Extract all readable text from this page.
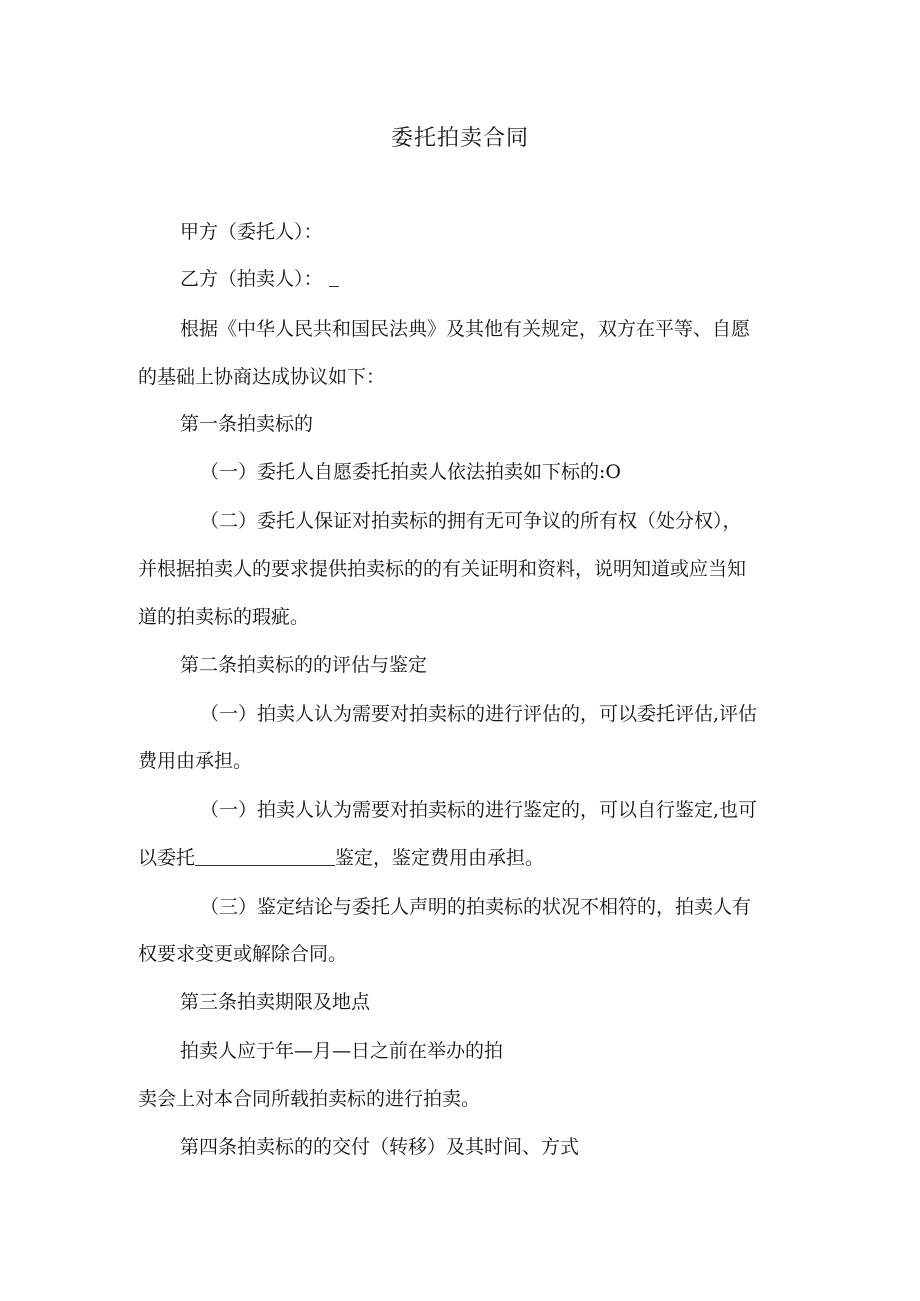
委托拍卖合同
甲方（委托人）：
乙方（拍卖人）：
根据《中华人民共和国民法典》及其他有关规定，双方在平等、自愿
的基础上协商达成协议如下：
第一条拍卖标的
（一）委托人自愿委托拍卖人依法拍卖如下标的:O
（二）委托人保证对拍卖标的拥有无可争议的所有权（处分权），
并根据拍卖人的要求提供拍卖标的的有关证明和资料，说明知道或应当知
道的拍卖标的瑕疵。
第二条拍卖标的的评估与鉴定
（一）拍卖人认为需要对拍卖标的进行评估的，可以委托评估,评估
费用由承担。
（一）拍卖人认为需要对拍卖标的进行鉴定的，可以自行鉴定,也可
以委托	鉴定，鉴定费用由承担。
（三）鉴定结论与委托人声明的拍卖标的状况不相符的，拍卖人有
权要求变更或解除合同。
第三条拍卖期限及地点
拍卖人应于年—月—日之前在举办的拍
卖会上对本合同所载拍卖标的进行拍卖。
第四条拍卖标的的交付（转移）及其时间、方式
